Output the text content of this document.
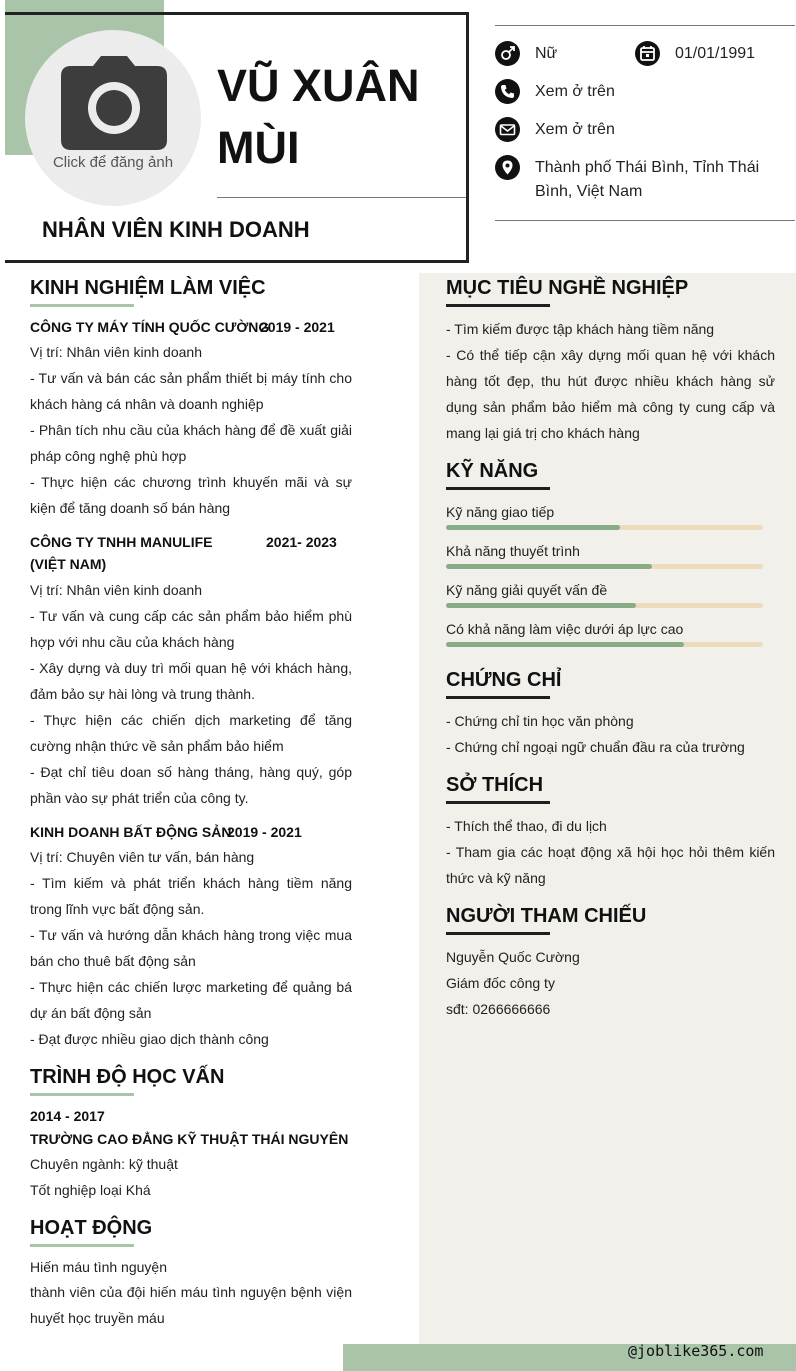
Click để đăng ảnh
VŨ XUÂN MÙI
NHÂN VIÊN KINH DOANH
Nữ	01/01/1991
Xem ở trên
Xem ở trên
Thành phố Thái Bình, Tỉnh Thái Bình, Việt Nam
KINH NGHIỆM LÀM VIỆC
CÔNG TY MÁY TÍNH QUỐC CƯỜNG
2019 - 2021
Vị trí: Nhân viên kinh doanh
- Tư vấn và bán các sản phẩm thiết bị máy tính cho khách hàng cá nhân và doanh nghiệp
- Phân tích nhu cầu của khách hàng để đề xuất giải pháp công nghệ phù hợp
- Thực hiện các chương trình khuyến mãi và sự kiện để tăng doanh số bán hàng
CÔNG TY TNHH MANULIFE (VIỆT NAM)
2021- 2023
Vị trí: Nhân viên kinh doanh
- Tư vấn và cung cấp các sản phẩm bảo hiểm phù hợp với nhu cầu của khách hàng
- Xây dựng và duy trì mối quan hệ với khách hàng, đảm bảo sự hài lòng và trung thành.
- Thực hiện các chiến dịch marketing để tăng cường nhận thức về sản phẩm bảo hiểm
- Đạt chỉ tiêu doan số hàng tháng, hàng quý, góp phần vào sự phát triển của công ty.
KINH DOANH BẤT ĐỘNG SẢN
2019 - 2021
Vị trí: Chuyên viên tư vấn, bán hàng
- Tìm kiếm và phát triển khách hàng tiềm năng trong lĩnh vực bất động sản.
- Tư vấn và hướng dẫn khách hàng trong việc mua bán cho thuê bất động sản
- Thực hiện các chiến lược marketing để quảng bá dự án bất động sản
- Đạt được nhiều giao dịch thành công
TRÌNH ĐỘ HỌC VẤN
2014 - 2017
TRƯỜNG CAO ĐẲNG KỸ THUẬT THÁI NGUYÊN
Chuyên ngành: kỹ thuật
Tốt nghiệp loại Khá
HOẠT ĐỘNG
Hiến máu tình nguyện
thành viên của đội hiến máu tình nguyện bệnh viện huyết học truyền máu
MỤC TIÊU NGHỀ NGHIỆP
- Tìm kiếm được tập khách hàng tiềm năng
- Có thể tiếp cận xây dựng mối quan hệ với khách hàng tốt đẹp, thu hút được nhiều khách hàng sử dụng sản phẩm bảo hiểm mà công ty cung cấp và mang lại giá trị cho khách hàng
KỸ NĂNG
Kỹ năng giao tiếp
Khả năng thuyết trình
Kỹ năng giải quyết vấn đề
Có khả năng làm việc dưới áp lực cao
CHỨNG CHỈ
- Chứng chỉ tin học văn phòng
- Chứng chỉ ngoại ngữ chuẩn đầu ra của trường
SỞ THÍCH
- Thích thể thao, đi du lịch
- Tham gia các hoạt động xã hội học hỏi thêm kiến thức và kỹ năng
NGƯỜI THAM CHIẾU
Nguyễn Quốc Cường
Giám đốc công ty
sđt: 0266666666
@joblike365.com
